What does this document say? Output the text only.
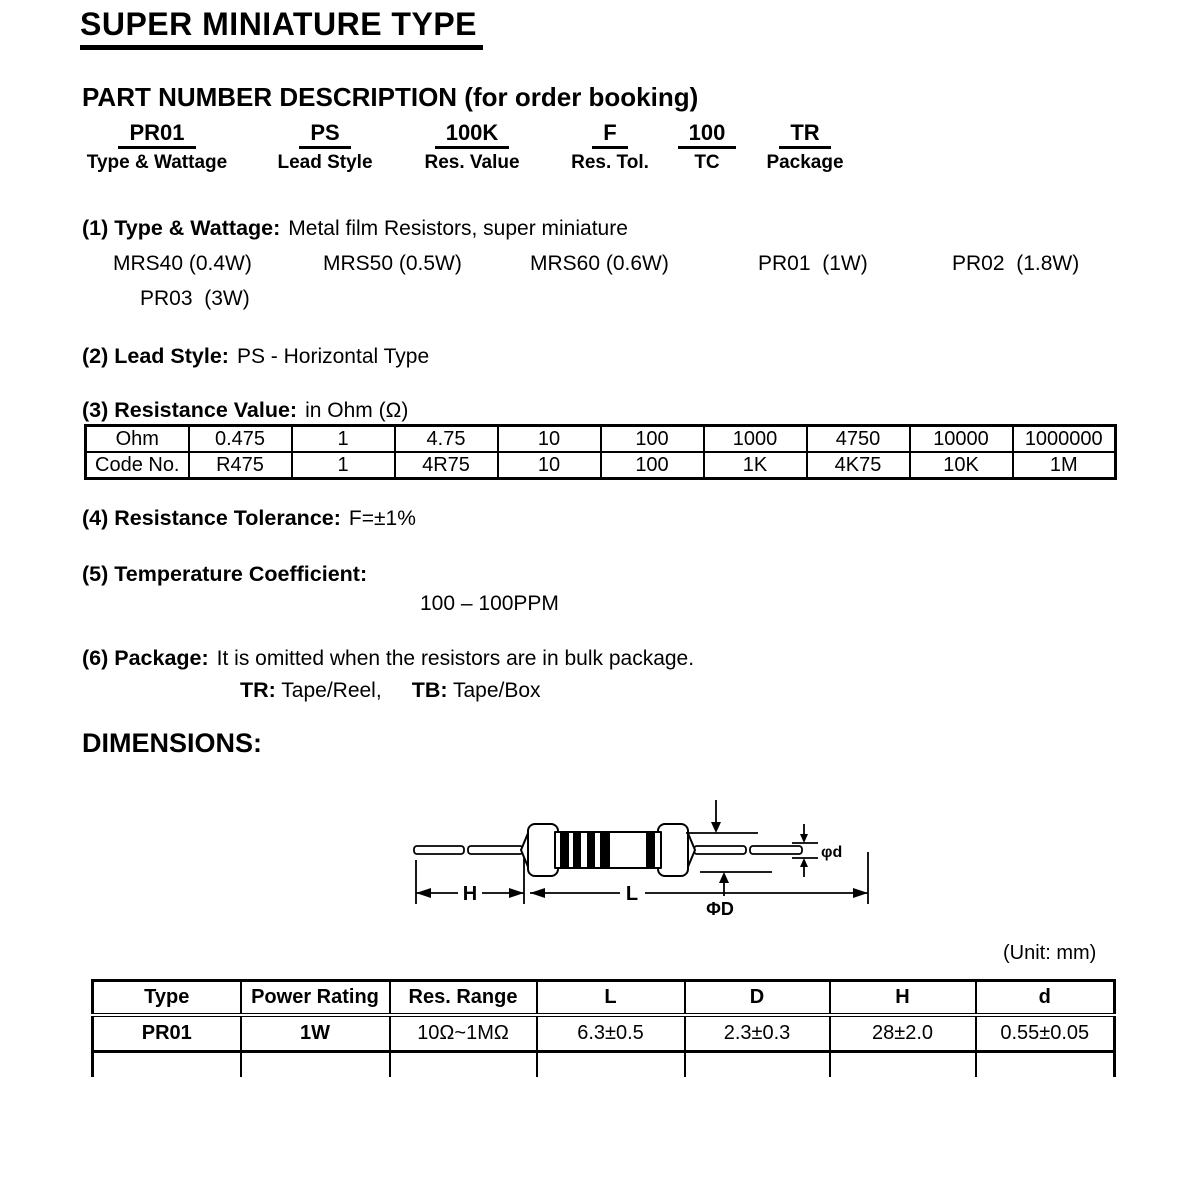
SUPER MINIATURE TYPE
PART NUMBER DESCRIPTION (for order booking)
PR01
Type & Wattage
PS
Lead Style
100K
Res. Value
F
Res. Tol.
100
TC
TR
Package
(1) Type & Wattage: Metal film Resistors, super miniature
MRS40 (0.4W)	MRS50 (0.5W)	MRS60 (0.6W)	PR01  (1W)	PR02  (1.8W)
PR03  (3W)
(2) Lead Style: PS - Horizontal Type
(3) Resistance Value: in Ohm (Ω)
Ohm	0.475	1	4.75	10	100	1000	4750	10000	1000000
Code No.	R475	1	4R75	10	100	1K	4K75	10K	1M
(4) Resistance Tolerance: F=±1%
(5) Temperature Coefficient:
100 – 100PPM
(6) Package: It is omitted when the resistors are in bulk package.
TR: Tape/Reel, TB: Tape/Box
DIMENSIONS:
H	L
φd
ΦD
(Unit: mm)
Type	Power Rating	Res. Range	L	D	H	d
PR01	1W	10Ω~1MΩ	6.3±0.5	2.3±0.3	28±2.0	0.55±0.05
